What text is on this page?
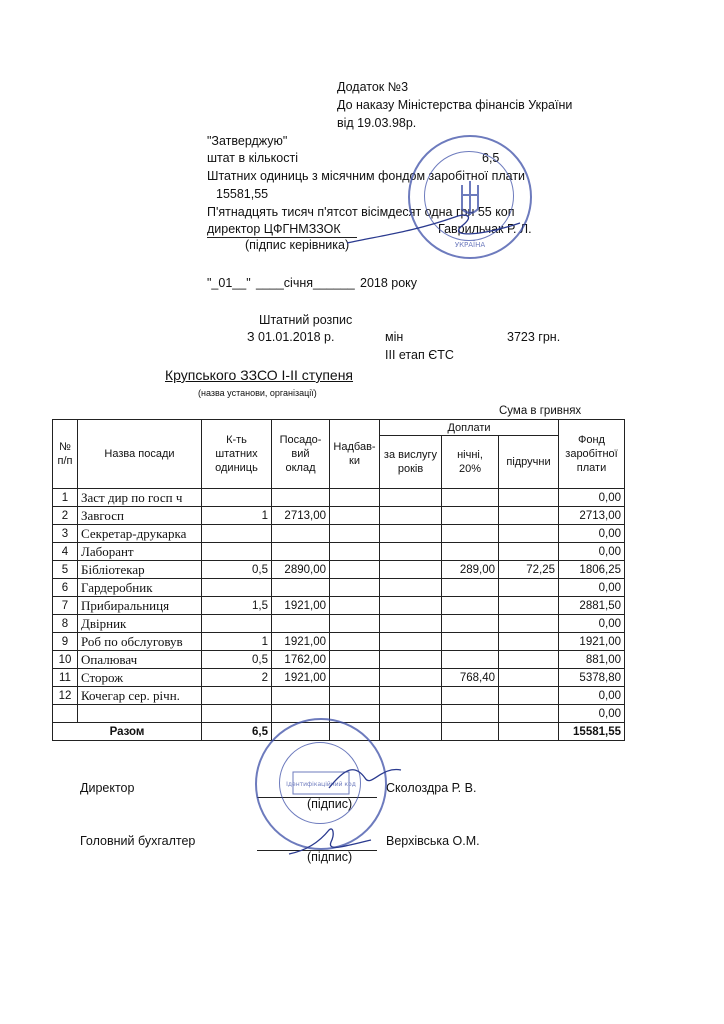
Додаток №3
До наказу Міністерства фінансів України
від 19.03.98р.
"Затверджую"
штат в кількості	6,5
Штатних одиниць з місячним фондом заробітної плати
15581,55
П'ятнадцять тисяч п'ятсот вісімдесят одна грн 55 коп
директор ЦФГНМЗЗОК	Гаврильчак Р. Л.
(підпис керівника)
"_01__" ____січня______ 2018 року
УКРАЇНА
Штатний розпис
З 01.01.2018 р.	мін	3723 грн.
ІІІ етап ЄТС
Крупського ЗЗСО І-ІІ ступеня
(назва установи, організації)
Сума в гривнях
№ п/п	Назва посади	К-ть штатних одиниць	Посадо-вий оклад	Надбав-ки	Доплати			Фонд заробітної плати
					за вислугу років	нічні, 20%	підручни	
1	Заст дир по госп ч							0,00
2	Завгосп	1	2713,00					2713,00
3	Секретар-друкарка							0,00
4	Лаборант							0,00
5	Бібліотекар	0,5	2890,00			289,00	72,25	1806,25
6	Гардеробник							0,00
7	Прибиральниця	1,5	1921,00					2881,50
8	Двірник							0,00
9	Роб по обслуговув	1	1921,00					1921,00
10	Опалювач	0,5	1762,00					881,00
11	Сторож	2	1921,00			768,40		5378,80
12	Кочегар сер. річн.							0,00
								0,00
Разом		6,5						15581,55
Директор	Сколоздра Р. В.
(підпис)
Головний бухгалтер	Верхівська О.М.
(підпис)
Ідентифікаційний код
